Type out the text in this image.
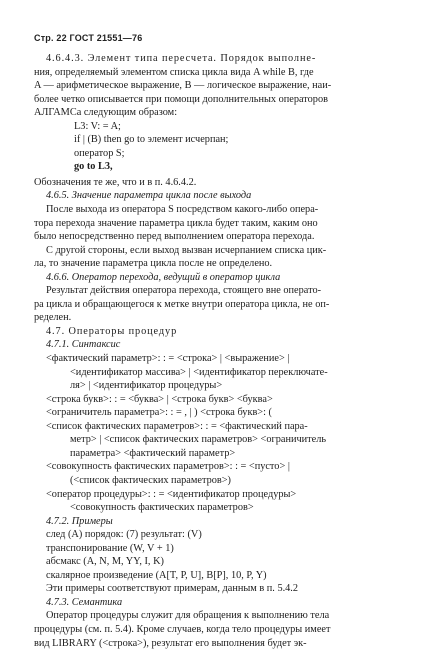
Стр. 22 ГОСТ 21551—76
4.6.4.3. Элемент типа пересчета. Порядок выполне-
ния, определяемый элементом списка цикла вида A while B, где
A — арифметическое выражение, B — логическое выражение, наи-
более четко описывается при помощи дополнительных операторов
АЛГАМСа следующим образом:
L3: V: = A;
if | (B) then go to элемент исчерпан;
оператор S;
go to L3,
Обозначения те же, что и в п. 4.6.4.2.
4.6.5. Значение параметра цикла после выхода
После выхода из оператора S посредством какого-либо опера-
тора перехода значение параметра цикла будет таким, каким оно
было непосредственно перед выполнением оператора перехода.
С другой стороны, если выход вызван исчерпанием списка цик-
ла, то значение параметра цикла после не определено.
4.6.6. Оператор перехода, ведущий в оператор цикла
Результат действия оператора перехода, стоящего вне операто-
ра цикла и обращающегося к метке внутри оператора цикла, не оп-
ределен.
4.7. Операторы процедур
4.7.1. Синтаксис
<фактический параметр>: : = <строка> | <выражение> |
<идентификатор массива> | <идентификатор переключате-
ля> | <идентификатор процедуры>
<строка букв>: : = <буква> | <строка букв> <буква>
<ограничитель параметра>: : = , | ) <строка букв>: (
<список фактических параметров>: : = <фактический пара-
метр> | <список фактических параметров> <ограничитель
параметра> <фактический параметр>
<совокупность фактических параметров>: : = <пусто> |
(<список фактических параметров>)
<оператор процедуры>: : = <идентификатор процедуры>
<совокупность фактических параметров>
4.7.2. Примеры
след (A) порядок: (7) результат: (V)
транспонирование (W, V + 1)
абсмакс (A, N, M, YY, I, K)
скалярное произведение (A[T, P, U], B[P], 10, P, Y)
Эти примеры соответствуют примерам, данным в п. 5.4.2
4.7.3. Семантика
Оператор процедуры служит для обращения к выполнению тела
процедуры (см. п. 5.4). Кроме случаев, когда тело процедуры имеет
вид LIBRARY (<строка>), результат его выполнения будет эк-
